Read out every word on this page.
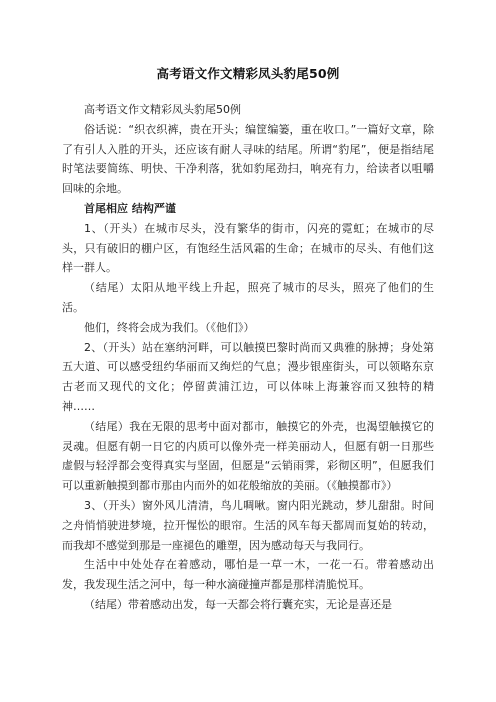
高考语文作文精彩凤头豹尾50例

高考语文作文精彩凤头豹尾50例

俗话说：“织衣织裤，贵在开头；编筐编篓，重在收口。”一篇好文章，除了有引人入胜的开头，还应该有耐人寻味的结尾。所谓“豹尾”，便是指结尾时笔法要简练、明快、干净利落，犹如豹尾劲扫，响亮有力，给读者以咀嚼回味的余地。

首尾相应 结构严谨

1、（开头）在城市尽头，没有繁华的街市，闪亮的霓虹；在城市的尽头，只有破旧的棚户区，有饱经生活风霜的生命；在城市的尽头、有他们这样一群人。

（结尾）太阳从地平线上升起，照亮了城市的尽头，照亮了他们的生活。

他们，终将会成为我们。（《他们》）

2、（开头）站在塞纳河畔，可以触摸巴黎时尚而又典雅的脉搏；身处第五大道、可以感受纽约华丽而又绚烂的气息；漫步银座街头，可以领略东京古老而又现代的文化；停留黄浦江边，可以体味上海兼容而又独特的精神……

（结尾）我在无限的思考中面对都市，触摸它的外壳，也渴望触摸它的灵魂。但愿有朝一日它的内质可以像外壳一样美丽动人，但愿有朝一日那些虚假与轻浮都会变得真实与坚固，但愿是“云销雨霁，彩彻区明”，但愿我们可以重新触摸到都市那由内而外的如花般缩放的美丽。（《触摸都市》）

3、（开头）窗外风儿清清，鸟儿啁啾。窗内阳光跳动，梦儿甜甜。时间之舟悄悄驶进梦境，拉开惺忪的眼帘。生活的风车每天都周而复始的转动，而我却不感觉到那是一座褪色的雕塑，因为感动每天与我同行。

生活中中处处存在着感动，哪怕是一草一木，一花一石。带着感动出发，我发现生活之河中，每一种水滴碰撞声都是那样清脆悦耳。

（结尾）带着感动出发，每一天都会将行囊充实，无论是喜还是
